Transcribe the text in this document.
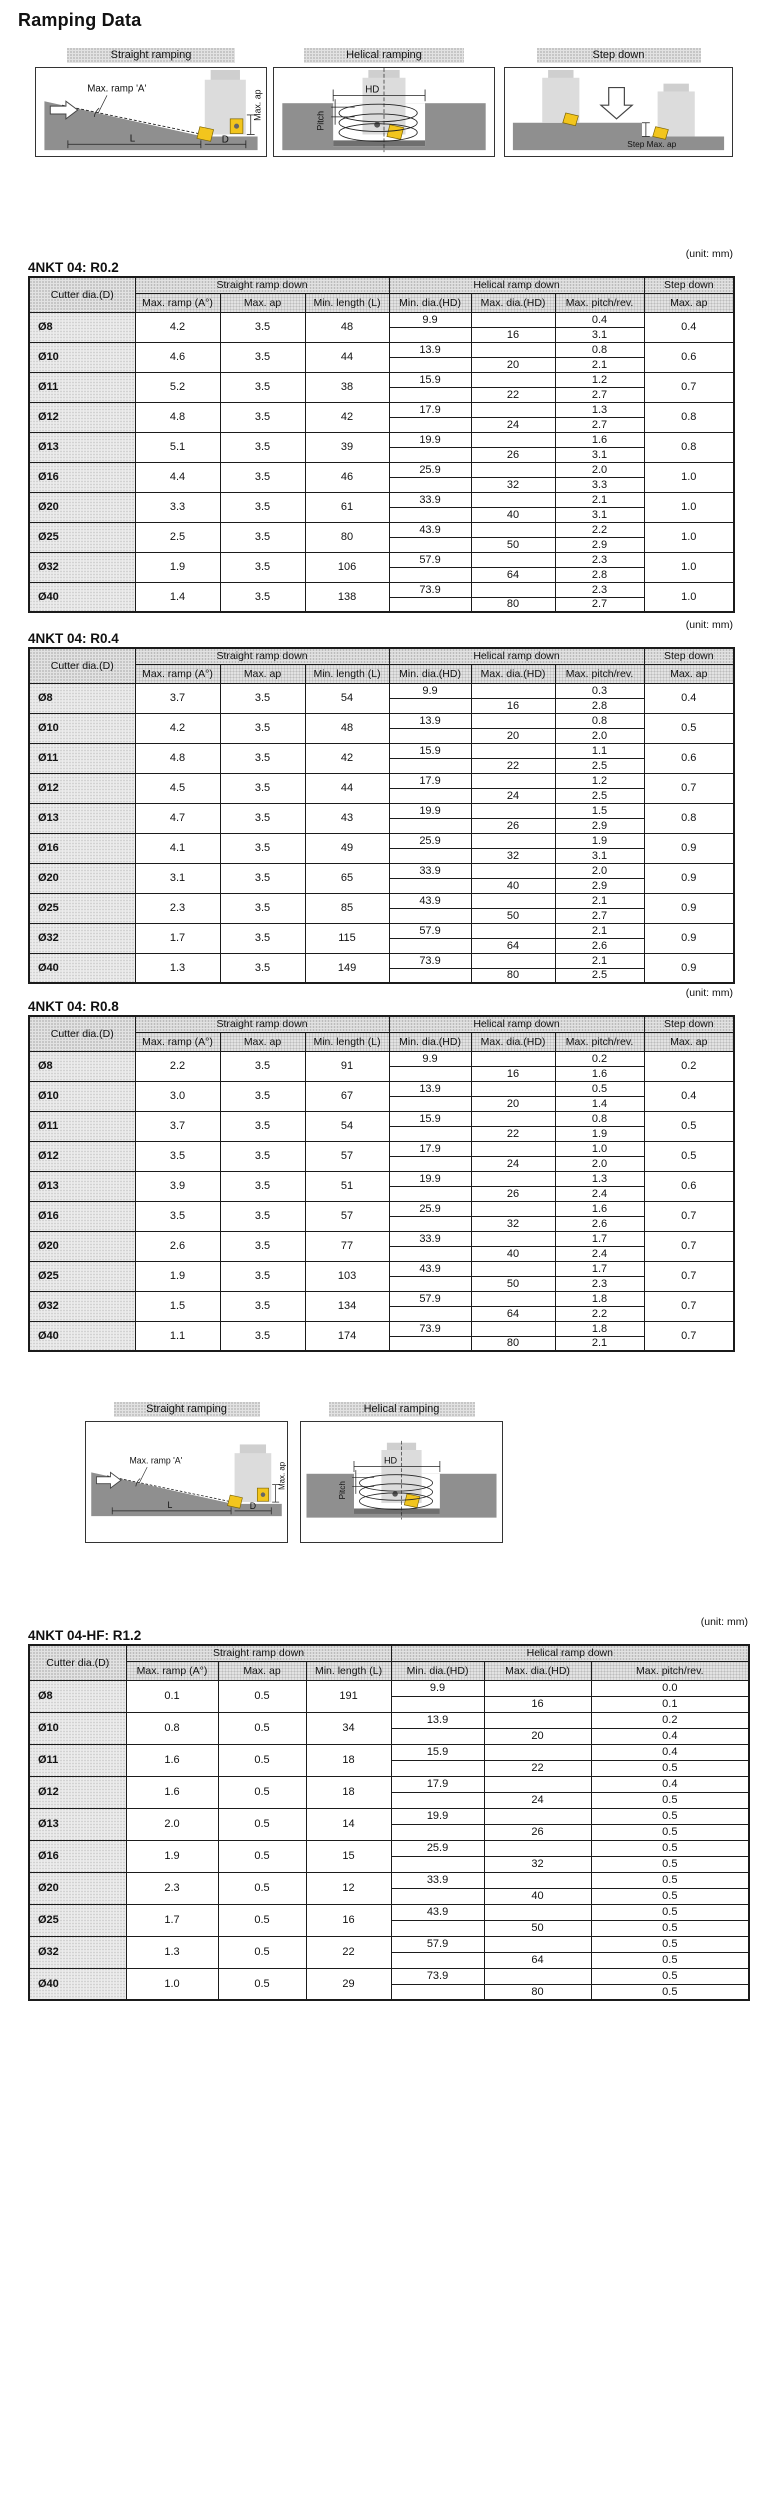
Ramping Data
Straight ramping
Max. ramp 'A'
L	D
Max. ap
Helical ramping
HD
Pitch
Step down
Step Max. ap
(unit: mm)
4NKT 04: R0.2
Cutter dia.(D)	Straight ramp down			Helical ramp down			Step down
	Max. ramp (A°)	Max. ap	Min. length (L)	Min. dia.(HD)	Max. dia.(HD)	Max. pitch/rev.	Max. ap
Ø8	4.2	3.5	48	9.9		0.4	0.4
					16	3.1	
Ø10	4.6	3.5	44	13.9		0.8	0.6
					20	2.1	
Ø11	5.2	3.5	38	15.9		1.2	0.7
					22	2.7	
Ø12	4.8	3.5	42	17.9		1.3	0.8
					24	2.7	
Ø13	5.1	3.5	39	19.9		1.6	0.8
					26	3.1	
Ø16	4.4	3.5	46	25.9		2.0	1.0
					32	3.3	
Ø20	3.3	3.5	61	33.9		2.1	1.0
					40	3.1	
Ø25	2.5	3.5	80	43.9		2.2	1.0
					50	2.9	
Ø32	1.9	3.5	106	57.9		2.3	1.0
					64	2.8	
Ø40	1.4	3.5	138	73.9		2.3	1.0
					80	2.7	
(unit: mm)
4NKT 04: R0.4
Cutter dia.(D)	Straight ramp down			Helical ramp down			Step down
	Max. ramp (A°)	Max. ap	Min. length (L)	Min. dia.(HD)	Max. dia.(HD)	Max. pitch/rev.	Max. ap
Ø8	3.7	3.5	54	9.9		0.3	0.4
					16	2.8	
Ø10	4.2	3.5	48	13.9		0.8	0.5
					20	2.0	
Ø11	4.8	3.5	42	15.9		1.1	0.6
					22	2.5	
Ø12	4.5	3.5	44	17.9		1.2	0.7
					24	2.5	
Ø13	4.7	3.5	43	19.9		1.5	0.8
					26	2.9	
Ø16	4.1	3.5	49	25.9		1.9	0.9
					32	3.1	
Ø20	3.1	3.5	65	33.9		2.0	0.9
					40	2.9	
Ø25	2.3	3.5	85	43.9		2.1	0.9
					50	2.7	
Ø32	1.7	3.5	115	57.9		2.1	0.9
					64	2.6	
Ø40	1.3	3.5	149	73.9		2.1	0.9
					80	2.5	
(unit: mm)
4NKT 04: R0.8
Cutter dia.(D)	Straight ramp down			Helical ramp down			Step down
	Max. ramp (A°)	Max. ap	Min. length (L)	Min. dia.(HD)	Max. dia.(HD)	Max. pitch/rev.	Max. ap
Ø8	2.2	3.5	91	9.9		0.2	0.2
					16	1.6	
Ø10	3.0	3.5	67	13.9		0.5	0.4
					20	1.4	
Ø11	3.7	3.5	54	15.9		0.8	0.5
					22	1.9	
Ø12	3.5	3.5	57	17.9		1.0	0.5
					24	2.0	
Ø13	3.9	3.5	51	19.9		1.3	0.6
					26	2.4	
Ø16	3.5	3.5	57	25.9		1.6	0.7
					32	2.6	
Ø20	2.6	3.5	77	33.9		1.7	0.7
					40	2.4	
Ø25	1.9	3.5	103	43.9		1.7	0.7
					50	2.3	
Ø32	1.5	3.5	134	57.9		1.8	0.7
					64	2.2	
Ø40	1.1	3.5	174	73.9		1.8	0.7
					80	2.1	
Straight ramping
Max. ramp 'A'
L	D
Max. ap
Helical ramping
HD
Pitch
(unit: mm)
4NKT 04-HF: R1.2
Cutter dia.(D)	Straight ramp down			Helical ramp down		
	Max. ramp (A°)	Max. ap	Min. length (L)	Min. dia.(HD)	Max. dia.(HD)	Max. pitch/rev.
Ø8	0.1	0.5	191	9.9		0.0
					16	0.1
Ø10	0.8	0.5	34	13.9		0.2
					20	0.4
Ø11	1.6	0.5	18	15.9		0.4
					22	0.5
Ø12	1.6	0.5	18	17.9		0.4
					24	0.5
Ø13	2.0	0.5	14	19.9		0.5
					26	0.5
Ø16	1.9	0.5	15	25.9		0.5
					32	0.5
Ø20	2.3	0.5	12	33.9		0.5
					40	0.5
Ø25	1.7	0.5	16	43.9		0.5
					50	0.5
Ø32	1.3	0.5	22	57.9		0.5
					64	0.5
Ø40	1.0	0.5	29	73.9		0.5
					80	0.5
